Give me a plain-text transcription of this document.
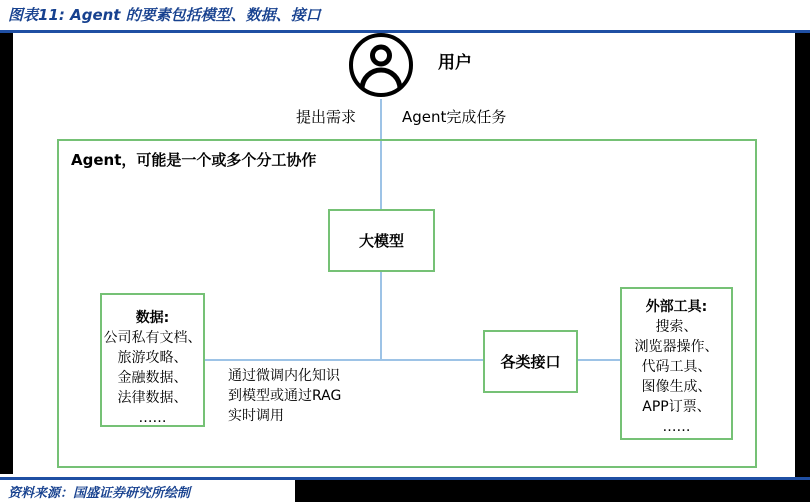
图表11: Agent 的要素包括模型、数据、接口
用户
提出需求	Agent完成任务
Agent，可能是一个或多个分工协作
大模型
数据:
公司私有文档、
旅游攻略、
金融数据、
法律数据、
……
通过微调内化知识
到模型或通过RAG
实时调用
各类接口
外部工具:
搜索、
浏览器操作、
代码工具、
图像生成、
APP订票、
……
资料来源：国盛证券研究所绘制
